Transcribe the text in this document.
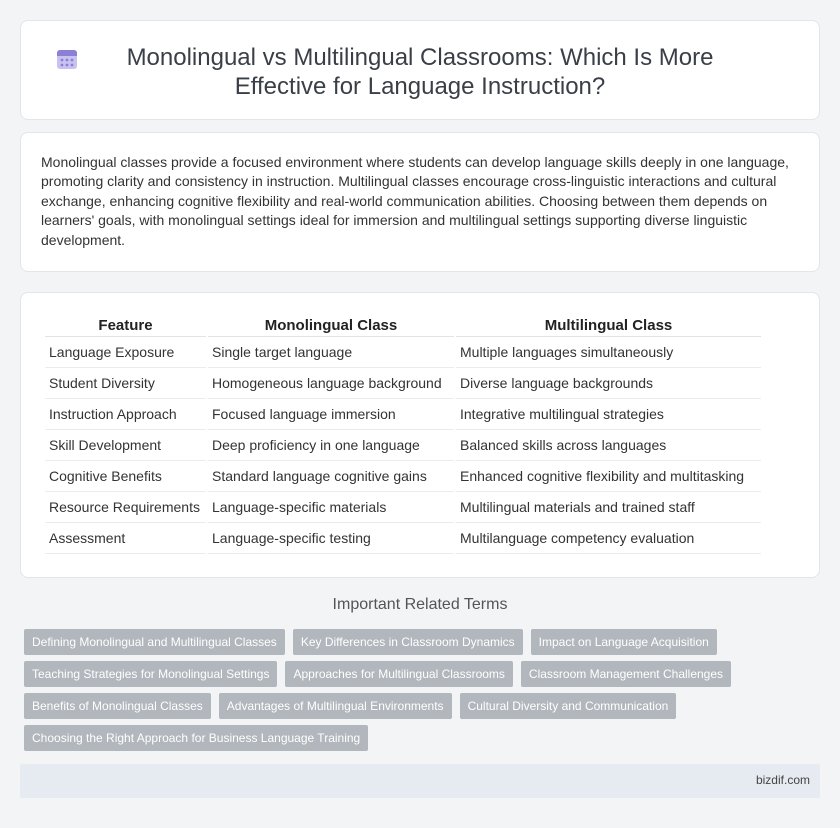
Monolingual vs Multilingual Classrooms: Which Is More Effective for Language Instruction?

Monolingual classes provide a focused environment where students can develop language skills deeply in one language, promoting clarity and consistency in instruction. Multilingual classes encourage cross-linguistic interactions and cultural exchange, enhancing cognitive flexibility and real-world communication abilities. Choosing between them depends on learners' goals, with monolingual settings ideal for immersion and multilingual settings supporting diverse linguistic development.

Feature	Monolingual Class	Multilingual Class
Language Exposure	Single target language	Multiple languages simultaneously
Student Diversity	Homogeneous language background	Diverse language backgrounds
Instruction Approach	Focused language immersion	Integrative multilingual strategies
Skill Development	Deep proficiency in one language	Balanced skills across languages
Cognitive Benefits	Standard language cognitive gains	Enhanced cognitive flexibility and multitasking
Resource Requirements	Language-specific materials	Multilingual materials and trained staff
Assessment	Language-specific testing	Multilanguage competency evaluation
Important Related Terms
Defining Monolingual and Multilingual Classes	Key Differences in Classroom Dynamics	Impact on Language Acquisition
Teaching Strategies for Monolingual Settings	Approaches for Multilingual Classrooms	Classroom Management Challenges
Benefits of Monolingual Classes	Advantages of Multilingual Environments	Cultural Diversity and Communication
Choosing the Right Approach for Business Language Training
bizdif.com
